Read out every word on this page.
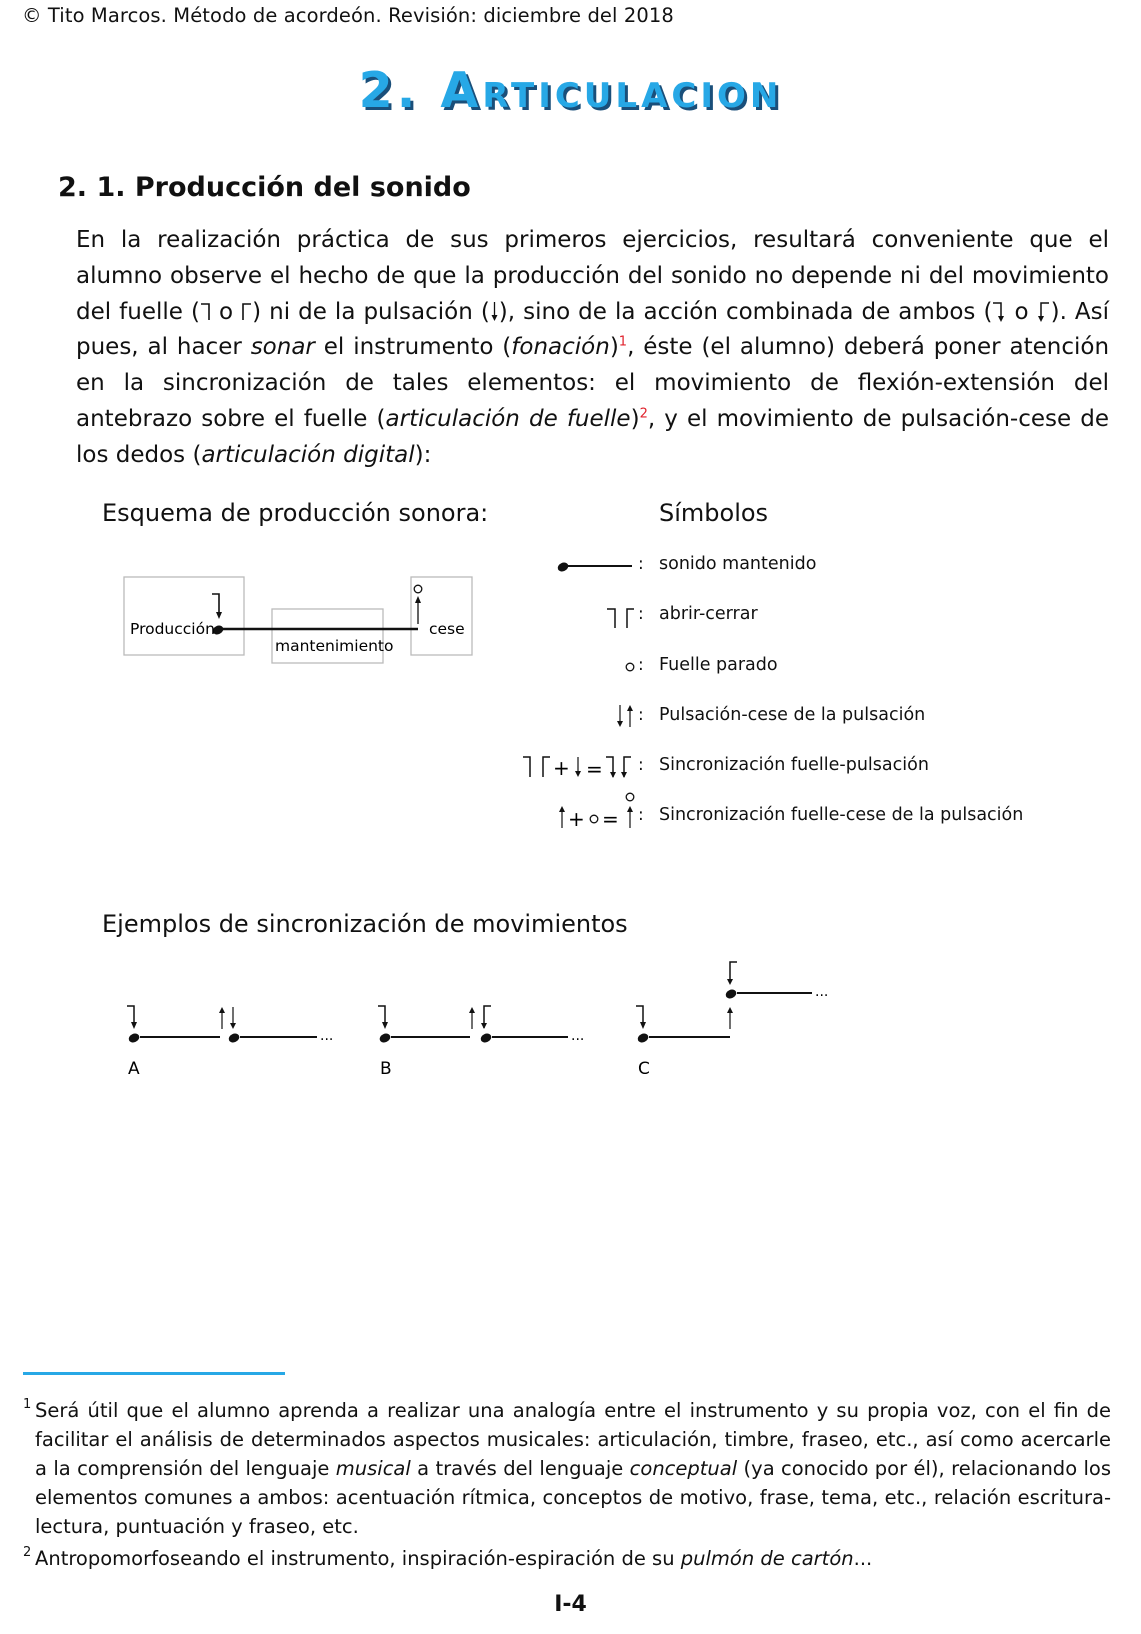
© Tito Marcos. Método de acordeón. Revisión: diciembre del 2018
2. Articulacion
2. 1. Producción del sonido

En la realización práctica de sus primeros ejercicios, resultará conveniente que el alumno observe el hecho de que la producción del sonido no depende ni del movimiento del fuelle ( o ) ni de la pulsación ( ), sino de la acción combinada de ambos ( o ). Así pues, al hacer sonar el instrumento (fonación)$^1$, éste (el alumno) deberá poner atención en la sincronización de tales elementos: el movimiento de flexión-extensión del antebrazo sobre el fuelle (articulación de fuelle)$^2$, y el movimiento de pulsación-cese de los dedos (articulación digital):

Esquema de producción sonora:
Producción
mantenimiento
cese
Símbolos
+ =
+ =
:
:
:
:
:
:
sonido mantenido
abrir-cerrar
Fuelle parado
Pulsación-cese de la pulsación
Sincronización fuelle-pulsación
Sincronización fuelle-cese de la pulsación
Ejemplos de sincronización de movimientos
...
A
...
B
...
C
1 Será útil que el alumno aprenda a realizar una analogía entre el instrumento y su propia voz, con el fin de facilitar el análisis de determinados aspectos musicales: articulación, timbre, fraseo, etc., así como acercarle a la comprensión del lenguaje musical a través del lenguaje conceptual (ya conocido por él), relacionando los elementos comunes a ambos: acentuación rítmica, conceptos de motivo, frase, tema, etc., relación escritura-lectura, puntuación y fraseo, etc.
2 Antropomorfoseando el instrumento, inspiración-espiración de su pulmón de cartón...
I-4
